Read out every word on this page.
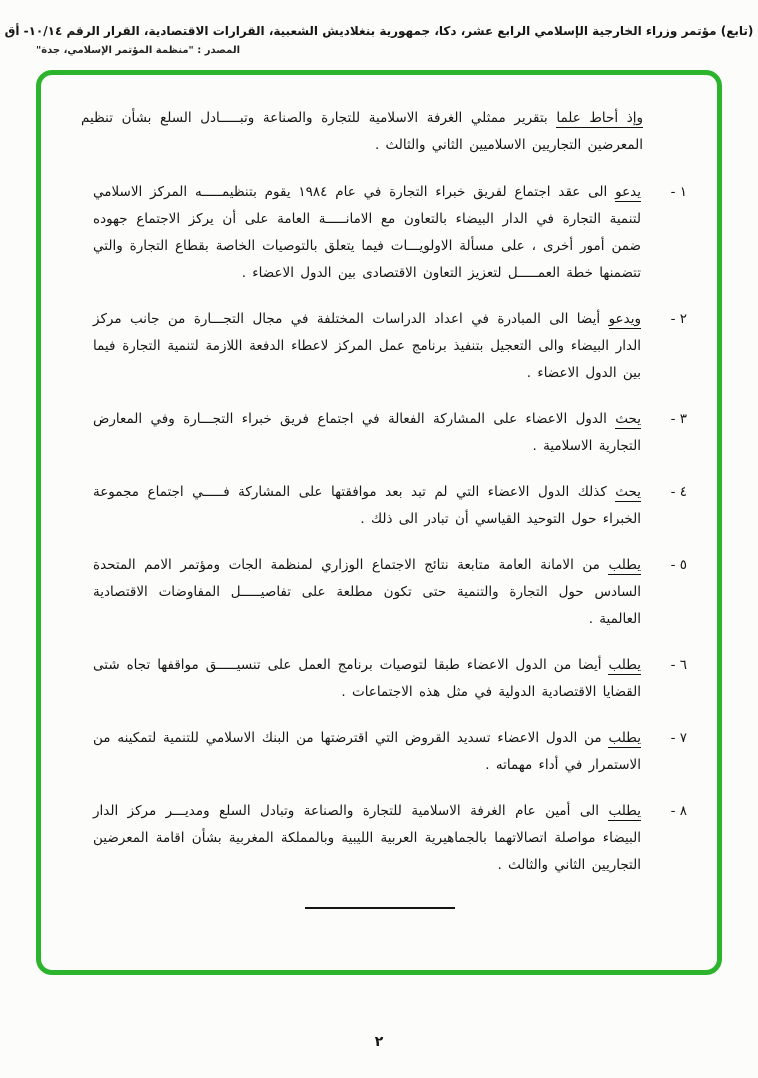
(تابع) مؤتمر وزراء الخارجية الإسلامي الرابع عشر، دكا، جمهورية بنغلاديش الشعبية، القرارات الاقتصادية، القرار الرقم ١٠/١٤- أق
المصدر : "منظمة المؤتمر الإسلامي، جدة"

وإذ أحاط علما بتقرير ممثلي الغرفة الاسلامية للتجارة والصناعة وتبـــــادل السلع بشأن تنظيم المعرضين التجاريين الاسلاميين الثاني والثالث .

١ -
يدعو الى عقد اجتماع لفريق خبراء التجارة في عام ١٩٨٤ يقوم بتنظيمـــــه المركز الاسلامي لتنمية التجارة في الدار البيضاء بالتعاون مع الامانـــــة العامة على أن يركز الاجتماع جهوده ضمن أمور أخرى ، على مسألة الاولويـــات فيما يتعلق بالتوصيات الخاصة بقطاع التجارة والتي تتضمنها خطة العمـــــل لتعزيز التعاون الاقتصادى بين الدول الاعضاء .
٢ -
ويدعو أيضا الى المبادرة في اعداد الدراسات المختلفة في مجال التجـــارة من جانب مركز الدار البيضاء والى التعجيل بتنفيذ برنامج عمل المركز لاعطاء الدفعة اللازمة لتنمية التجارة فيما بين الدول الاعضاء .
٣ -
يحث الدول الاعضاء على المشاركة الفعالة في اجتماع فريق خبراء التجـــارة وفي المعارض التجارية الاسلامية .
٤ -
يحث كذلك الدول الاعضاء التي لم تبد بعد موافقتها على المشاركة فـــــي اجتماع مجموعة الخبراء حول التوحيد القياسي أن تبادر الى ذلك .
٥ -
يطلب من الامانة العامة متابعة نتائج الاجتماع الوزاري لمنظمة الجات ومؤتمر الامم المتحدة السادس حول التجارة والتنمية حتى تكون مطلعة على تفاصيـــــل المفاوضات الاقتصادية العالمية .
٦ -
يطلب أيضا من الدول الاعضاء طبقا لتوصيات برنامج العمل على تنسيـــــق مواقفها تجاه شتى القضايا الاقتصادية الدولية في مثل هذه الاجتماعات .
٧ -
يطلب من الدول الاعضاء تسديد القروض التي اقترضتها من البنك الاسلامي للتنمية لتمكينه من الاستمرار في أداء مهماته .
٨ -
يطلب الى أمين عام الغرفة الاسلامية للتجارة والصناعة وتبادل السلع ومديـــر مركز الدار البيضاء مواصلة اتصالاتهما بالجماهيرية العربية الليبية وبالمملكة المغربية بشأن اقامة المعرضين التجاريين الثاني والثالث .
٢
